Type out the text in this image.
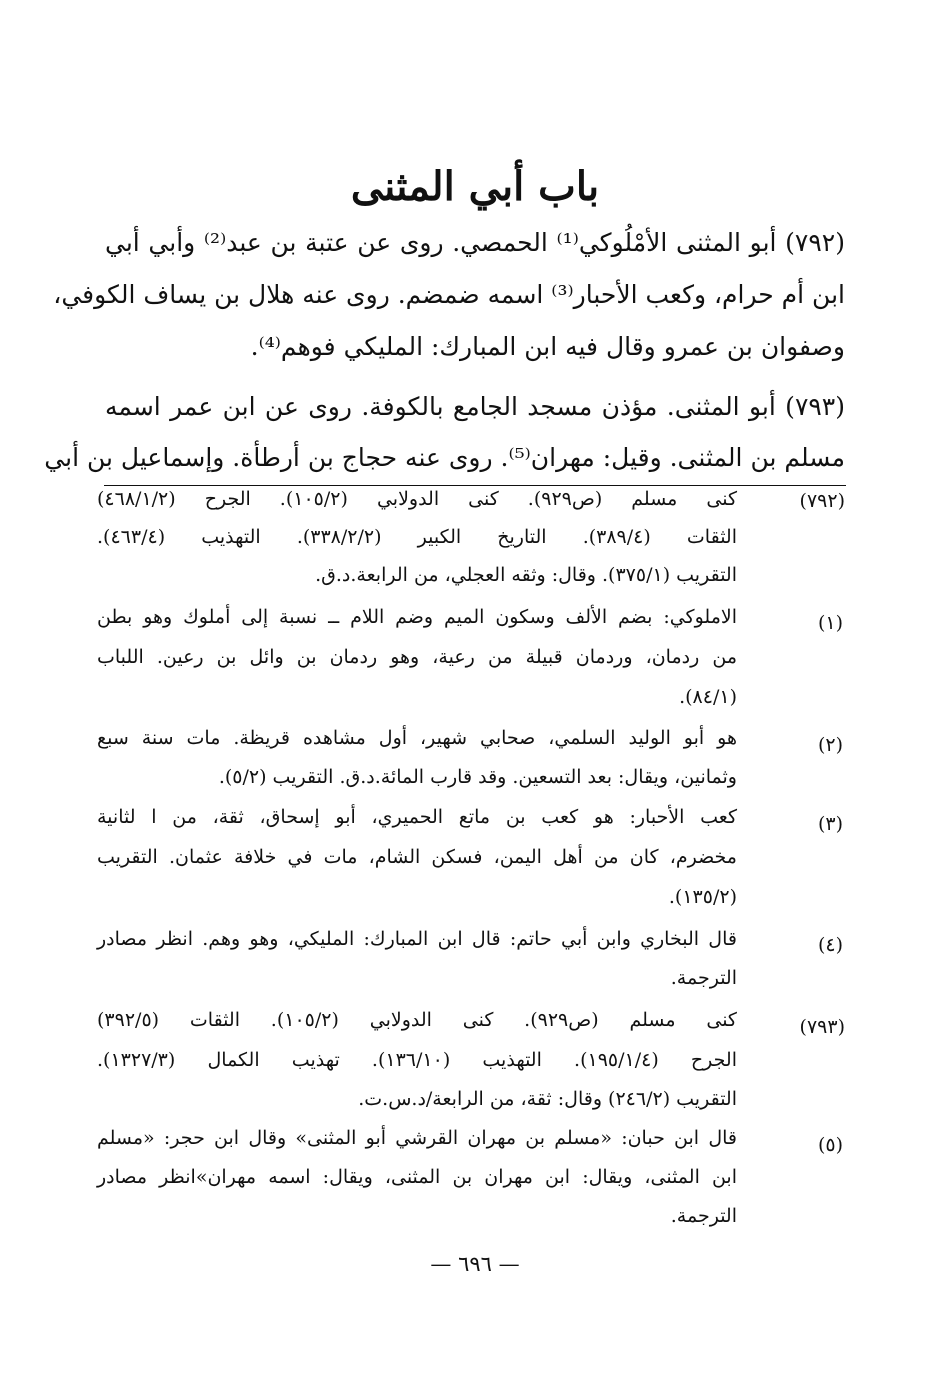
باب أبي المثنى

(٧٩٢) أبو المثنى الأمْلُوكي⁽¹⁾ الحمصي. روى عن عتبة بن عبد⁽²⁾ وأبي أبي

ابن أم حرام، وكعب الأحبار⁽³⁾ اسمه ضمضم. روى عنه هلال بن يساف الكوفي،

وصفوان بن عمرو وقال فيه ابن المبارك: المليكي فوهم⁽⁴⁾.

(٧٩٣) أبو المثنى. مؤذن مسجد الجامع بالكوفة. روى عن ابن عمر اسمه

مسلم بن المثنى. وقيل: مهران⁽⁵⁾. روى عنه حجاج بن أرطأة. وإسماعيل بن أبي

(٧٩٢)

كنى مسلم (ص٩٢٩). كنى الدولابي (١٠٥/٢). الجرح (٤٦٨/١/٢)

الثقات (٣٨٩/٤). التاريخ الكبير (٣٣٨/٢/٢). التهذيب (٤٦٣/٤).

التقريب (٣٧٥/١). وقال: وثقه العجلي، من الرابعة.د.ق.

(١)

الاملوكي: بضم الألف وسكون الميم وضم اللام ــ نسبة إلى أملوك وهو بطن

من ردمان، وردمان قبيلة من رعية، وهو ردمان بن وائل بن رعين. اللباب

(٨٤/١).

(٢)

هو أبو الوليد السلمي، صحابي شهير، أول مشاهده قريظة. مات سنة سبع

وثمانين، ويقال: بعد التسعين. وقد قارب المائة.د.ق. التقريب (٥/٢).

(٣)

كعب الأحبار: هو كعب بن ماتع الحميري، أبو إسحاق، ثقة، من ا لثانية

مخضرم، كان من أهل اليمن، فسكن الشام، مات في خلافة عثمان. التقريب

(١٣٥/٢).

(٤)

قال البخاري وابن أبي حاتم: قال ابن المبارك: المليكي، وهو وهم. انظر مصادر

الترجمة.

(٧٩٣)

كنى مسلم (ص٩٢٩). كنى الدولابي (١٠٥/٢). الثقات (٣٩٢/٥)

الجرح (١٩٥/١/٤). التهذيب (١٣٦/١٠). تهذيب الكمال (١٣٢٧/٣).

التقريب (٢٤٦/٢) وقال: ثقة، من الرابعة/د.س.ت.

(٥)

قال ابن حبان: «مسلم بن مهران القرشي أبو المثنى» وقال ابن حجر: «مسلم

ابن المثنى، ويقال: ابن مهران بن المثنى، ويقال: اسمه مهران»انظر مصادر

الترجمة.

— ٦٩٦ —
